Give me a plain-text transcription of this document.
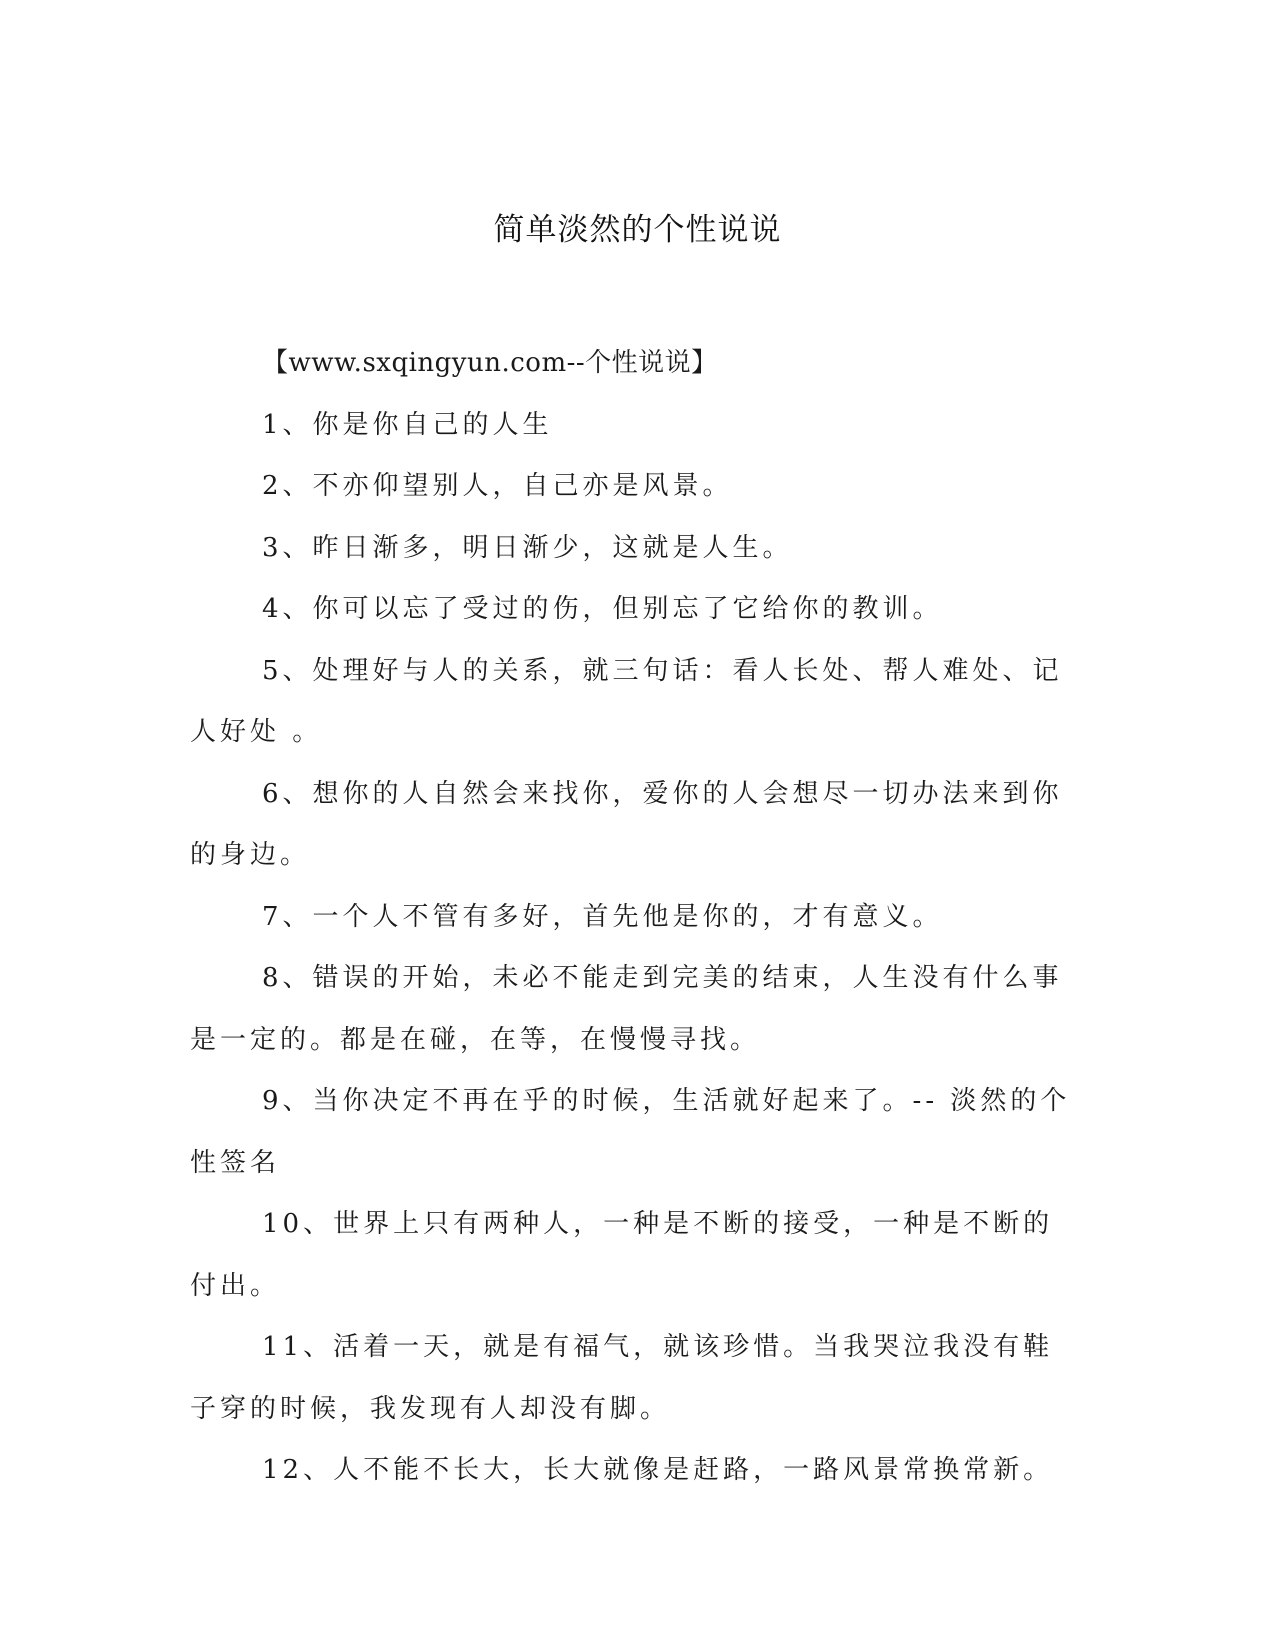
简单淡然的个性说说

【www.sxqingyun.com--个性说说】

1、你是你自己的人生

2、不亦仰望别人，自己亦是风景。

3、昨日渐多，明日渐少，这就是人生。

4、你可以忘了受过的伤，但别忘了它给你的教训。

5、处理好与人的关系，就三句话：看人长处、帮人难处、记人好处 。

6、想你的人自然会来找你，爱你的人会想尽一切办法来到你的身边。

7、一个人不管有多好，首先他是你的，才有意义。

8、错误的开始，未必不能走到完美的结束，人生没有什么事是一定的。都是在碰，在等，在慢慢寻找。

9、当你决定不再在乎的时候，生活就好起来了。-- 淡然的个性签名

10、世界上只有两种人，一种是不断的接受，一种是不断的付出。

11、活着一天，就是有福气，就该珍惜。当我哭泣我没有鞋子穿的时候，我发现有人却没有脚。

12、人不能不长大，长大就像是赶路，一路风景常换常新。
